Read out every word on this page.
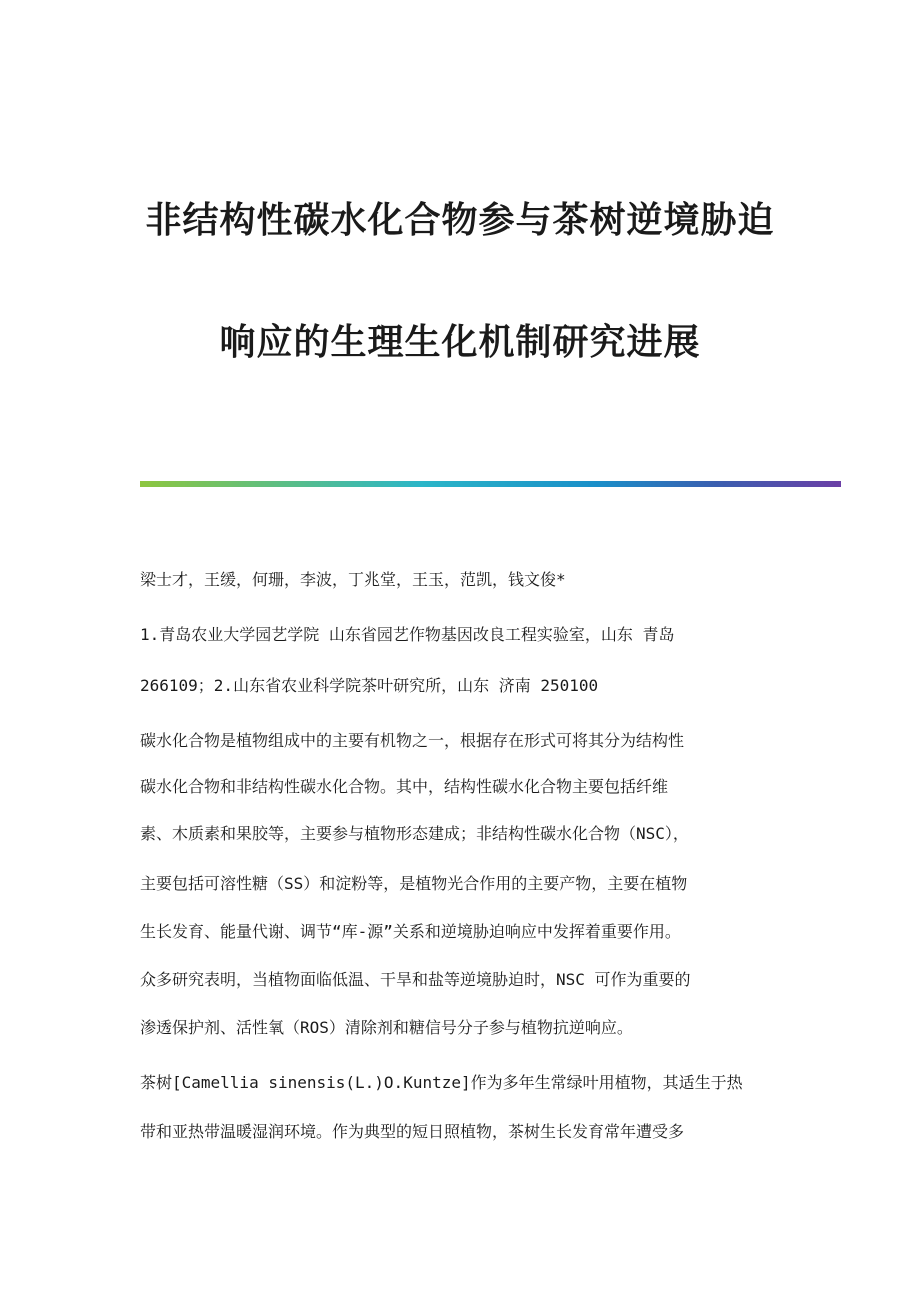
非结构性碳水化合物参与茶树逆境胁迫
响应的生理生化机制研究进展

梁士才，王缓，何珊，李波，丁兆堂，王玉，范凯，钱文俊*

1.青岛农业大学园艺学院 山东省园艺作物基因改良工程实验室，山东 青岛

266109；2.山东省农业科学院茶叶研究所，山东 济南 250100

碳水化合物是植物组成中的主要有机物之一，根据存在形式可将其分为结构性

碳水化合物和非结构性碳水化合物。其中，结构性碳水化合物主要包括纤维

素、木质素和果胶等，主要参与植物形态建成；非结构性碳水化合物（NSC），

主要包括可溶性糖（SS）和淀粉等，是植物光合作用的主要产物，主要在植物

生长发育、能量代谢、调节“库-源”关系和逆境胁迫响应中发挥着重要作用。

众多研究表明，当植物面临低温、干旱和盐等逆境胁迫时，NSC 可作为重要的

渗透保护剂、活性氧（ROS）清除剂和糖信号分子参与植物抗逆响应。

茶树[Camellia sinensis(L.)O.Kuntze]作为多年生常绿叶用植物，其适生于热

带和亚热带温暖湿润环境。作为典型的短日照植物，茶树生长发育常年遭受多
